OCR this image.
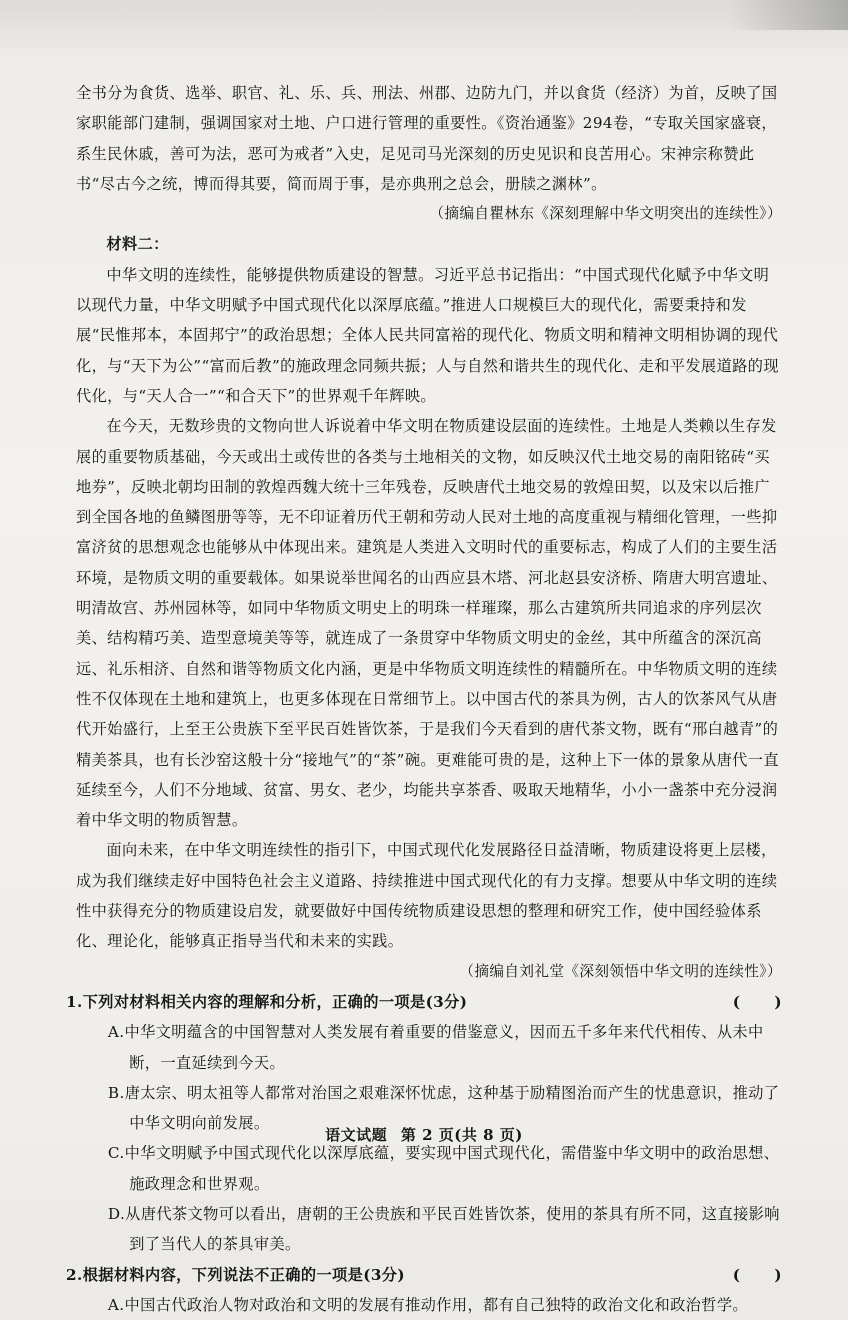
全书分为食货、选举、职官、礼、乐、兵、刑法、州郡、边防九门，并以食货（经济）为首，反映了国家职能部门建制，强调国家对土地、户口进行管理的重要性。《资治通鉴》294卷，“专取关国家盛衰，系生民休戚，善可为法，恶可为戒者”入史，足见司马光深刻的历史见识和良苦用心。宋神宗称赞此书“尽古今之统，博而得其要，简而周于事，是亦典刑之总会，册牍之渊林”。

（摘编自瞿林东《深刻理解中华文明突出的连续性》）

材料二：

中华文明的连续性，能够提供物质建设的智慧。习近平总书记指出：“中国式现代化赋予中华文明以现代力量，中华文明赋予中国式现代化以深厚底蕴。”推进人口规模巨大的现代化，需要秉持和发展“民惟邦本，本固邦宁”的政治思想；全体人民共同富裕的现代化、物质文明和精神文明相协调的现代化，与“天下为公”“富而后教”的施政理念同频共振；人与自然和谐共生的现代化、走和平发展道路的现代化，与“天人合一”“和合天下”的世界观千年辉映。

在今天，无数珍贵的文物向世人诉说着中华文明在物质建设层面的连续性。土地是人类赖以生存发展的重要物质基础，今天或出土或传世的各类与土地相关的文物，如反映汉代土地交易的南阳铭砖“买地券”，反映北朝均田制的敦煌西魏大统十三年残卷，反映唐代土地交易的敦煌田契，以及宋以后推广到全国各地的鱼鳞图册等等，无不印证着历代王朝和劳动人民对土地的高度重视与精细化管理，一些抑富济贫的思想观念也能够从中体现出来。建筑是人类进入文明时代的重要标志，构成了人们的主要生活环境，是物质文明的重要载体。如果说举世闻名的山西应县木塔、河北赵县安济桥、隋唐大明宫遗址、明清故宫、苏州园林等，如同中华物质文明史上的明珠一样璀璨，那么古建筑所共同追求的序列层次美、结构精巧美、造型意境美等等，就连成了一条贯穿中华物质文明史的金丝，其中所蕴含的深沉高远、礼乐相济、自然和谐等物质文化内涵，更是中华物质文明连续性的精髓所在。中华物质文明的连续性不仅体现在土地和建筑上，也更多体现在日常细节上。以中国古代的茶具为例，古人的饮茶风气从唐代开始盛行，上至王公贵族下至平民百姓皆饮茶，于是我们今天看到的唐代茶文物，既有“邢白越青”的精美茶具，也有长沙窑这般十分“接地气”的“茶”碗。更难能可贵的是，这种上下一体的景象从唐代一直延续至今，人们不分地域、贫富、男女、老少，均能共享茶香、吸取天地精华，小小一盏茶中充分浸润着中华文明的物质智慧。

面向未来，在中华文明连续性的指引下，中国式现代化发展路径日益清晰，物质建设将更上层楼，成为我们继续走好中国特色社会主义道路、持续推进中国式现代化的有力支撑。想要从中华文明的连续性中获得充分的物质建设启发，就要做好中国传统物质建设思想的整理和研究工作，使中国经验体系化、理论化，能够真正指导当代和未来的实践。

（摘编自刘礼堂《深刻领悟中华文明的连续性》）

1.下列对材料相关内容的理解和分析，正确的一项是(3分)	(      )

A.中华文明蕴含的中国智慧对人类发展有着重要的借鉴意义，因而五千多年来代代相传、从未中断，一直延续到今天。

B.唐太宗、明太祖等人都常对治国之艰难深怀忧虑，这种基于励精图治而产生的忧患意识，推动了中华文明向前发展。

C.中华文明赋予中国式现代化以深厚底蕴，要实现中国式现代化，需借鉴中华文明中的政治思想、施政理念和世界观。

D.从唐代茶文物可以看出，唐朝的王公贵族和平民百姓皆饮茶，使用的茶具有所不同，这直接影响到了当代人的茶具审美。

2.根据材料内容，下列说法不正确的一项是(3分)	(      )

A.中国古代政治人物对政治和文明的发展有推动作用，都有自己独特的政治文化和政治哲学。

语文试题 第 2 页(共 8 页)
